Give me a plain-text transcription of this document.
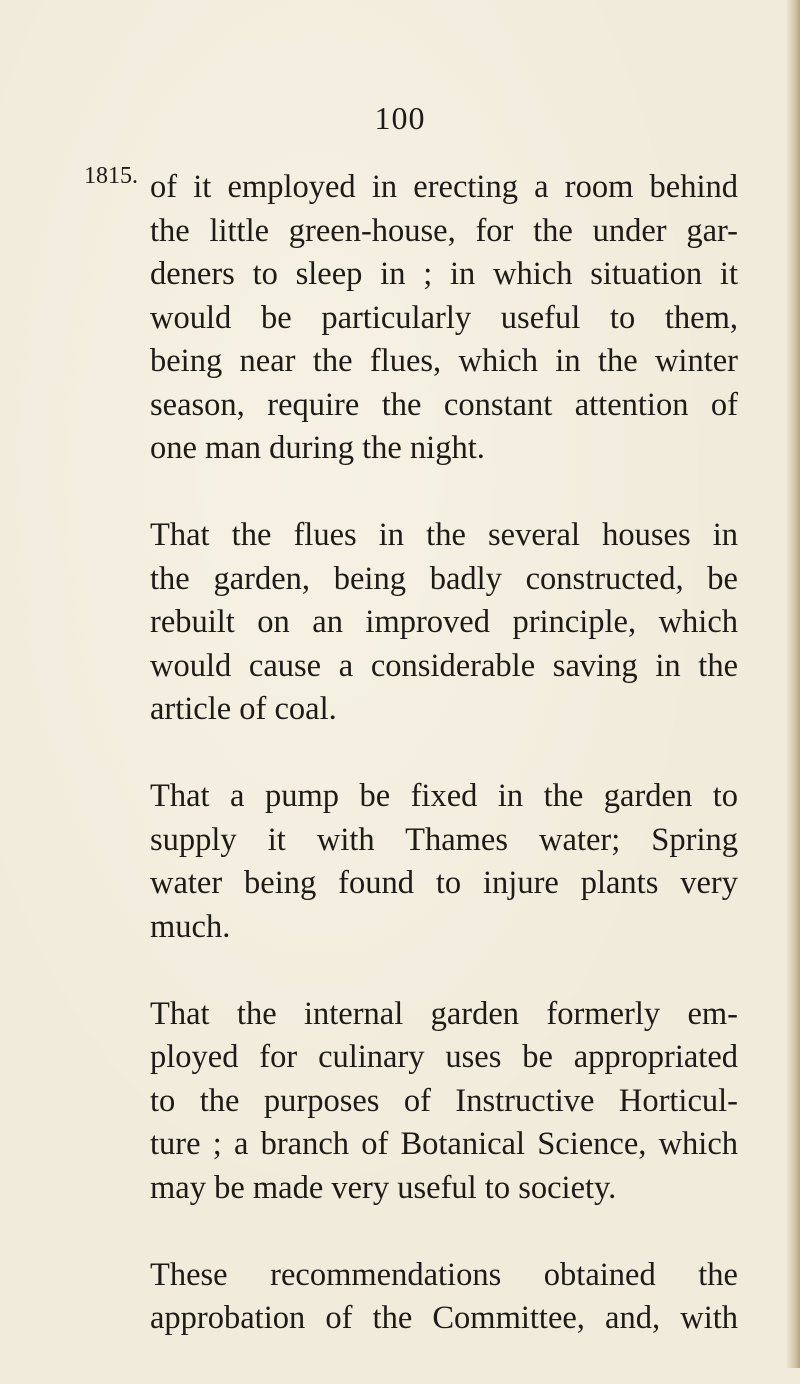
100
1815. of it employed in erecting a room behind
the little green-house, for the under gar-
deners to sleep in ; in which situation it
would be particularly useful to them,
being near the flues, which in the winter
season, require the constant attention of
one man during the night.
That the flues in the several houses in
the garden, being badly constructed, be
rebuilt on an improved principle, which
would cause a considerable saving in the
article of coal.
That a pump be fixed in the garden to
supply it with Thames water; Spring
water being found to injure plants very
much.
That the internal garden formerly em-
ployed for culinary uses be appropriated
to the purposes of Instructive Horticul-
ture ; a branch of Botanical Science, which
may be made very useful to society.
These recommendations obtained the
approbation of the Committee, and, with
